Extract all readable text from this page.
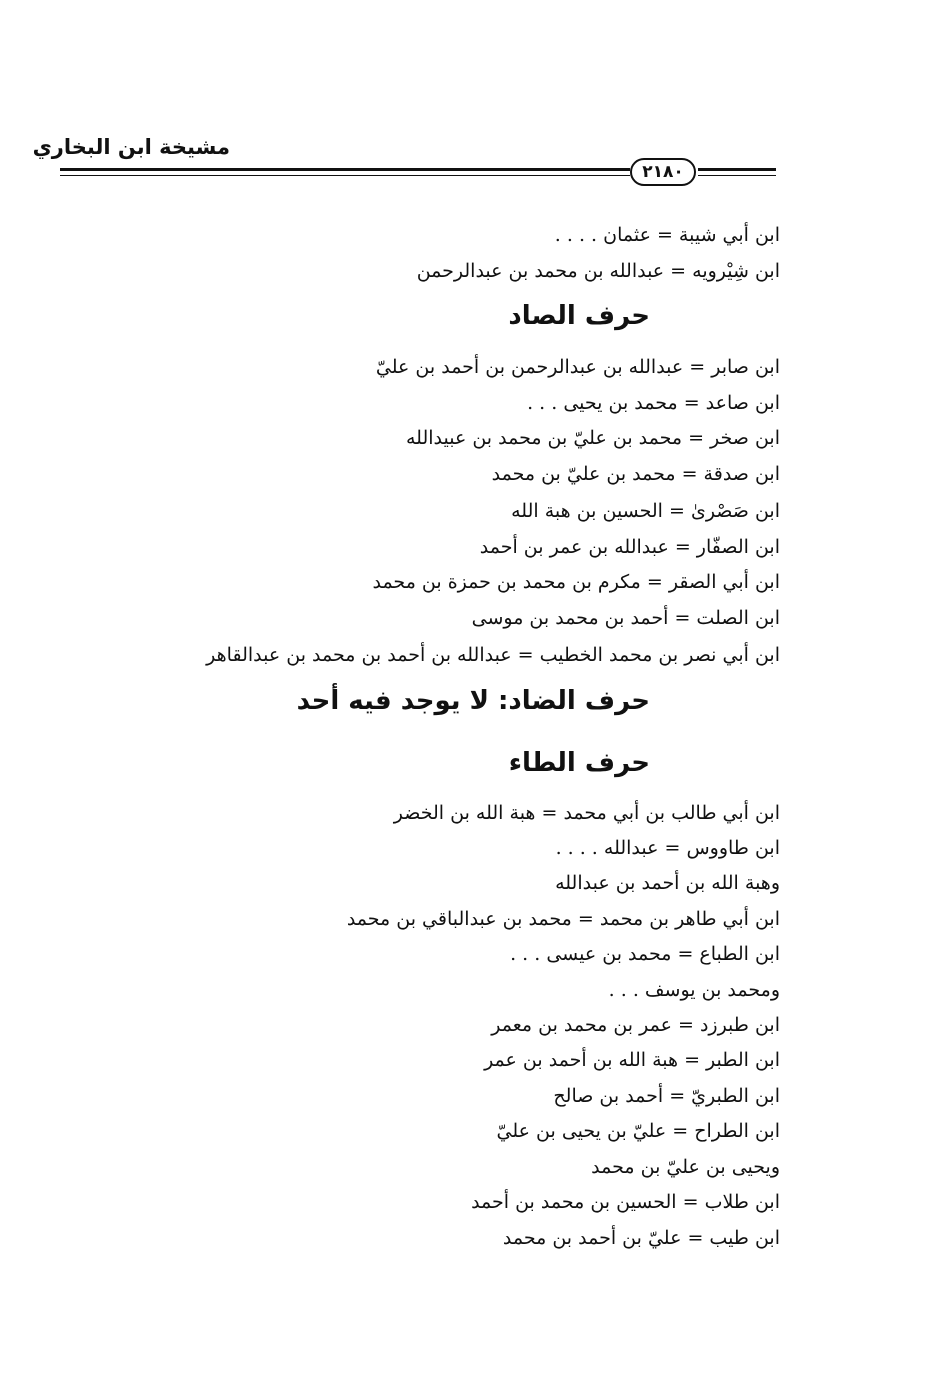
مشيخة ابن البخاري
٢١٨٠
ابن أبي شيبة = عثمان . . . .
ابن شِيْرويه = عبدالله بن محمد بن عبدالرحمن
حرف الصاد
ابن صابر = عبدالله بن عبدالرحمن بن أحمد بن عليّ
ابن صاعد = محمد بن يحيى . . .
ابن صخر = محمد بن عليّ بن محمد بن عبيدالله
ابن صدقة = محمد بن عليّ بن محمد
ابن صَصْرىٰ = الحسين بن هبة الله
ابن الصفّار = عبدالله بن عمر بن أحمد
ابن أبي الصقر = مكرم بن محمد بن حمزة بن محمد
ابن الصلت = أحمد بن محمد بن موسى
ابن أبي نصر بن محمد الخطيب = عبدالله بن أحمد بن محمد بن عبدالقاهر
حرف الضاد: لا يوجد فيه أحد
حرف الطاء
ابن أبي طالب بن أبي محمد = هبة الله بن الخضر
ابن طاووس = عبدالله . . . .
وهبة الله بن أحمد بن عبدالله
ابن أبي طاهر بن محمد = محمد بن عبدالباقي بن محمد
ابن الطباع = محمد بن عيسى . . .
ومحمد بن يوسف . . .
ابن طبرزد = عمر بن محمد بن معمر
ابن الطبر = هبة الله بن أحمد بن عمر
ابن الطبريّ = أحمد بن صالح
ابن الطراح = عليّ بن يحيى بن عليّ
ويحيى بن عليّ بن محمد
ابن طلاب = الحسين بن محمد بن أحمد
ابن طيب = عليّ بن أحمد بن محمد
